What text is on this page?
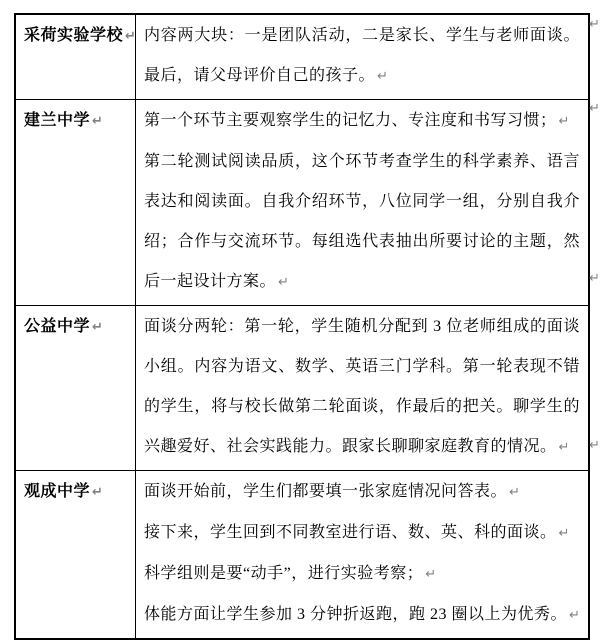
采荷实验学校 ↵	内容两大块：一是团队活动，二是家长、学生与老师面谈。最后，请父母评价自己的孩子。 ↵

建兰中学 ↵	第一个环节主要观察学生的记忆力、专注度和书写习惯； ↵
第二轮测试阅读品质，这个环节考查学生的科学素养、语言表达和阅读面。自我介绍环节，八位同学一组，分别自我介绍；合作与交流环节。每组选代表抽出所要讨论的主题，然后一起设计方案。 ↵

公益中学 ↵	面谈分两轮：第一轮，学生随机分配到 3 位老师组成的面谈小组。内容为语文、数学、英语三门学科。第一轮表现不错的学生，将与校长做第二轮面谈，作最后的把关。聊学生的兴趣爱好、社会实践能力。跟家长聊聊家庭教育的情况。 ↵

观成中学 ↵	面谈开始前，学生们都要填一张家庭情况问答表。 ↵
接下来，学生回到不同教室进行语、数、英、科的面谈。 ↵
科学组则是要“动手”，进行实验考察； ↵
体能方面让学生参加 3 分钟折返跑，跑 23 圈以上为优秀。 ↵
↵
↵
↵
↵
